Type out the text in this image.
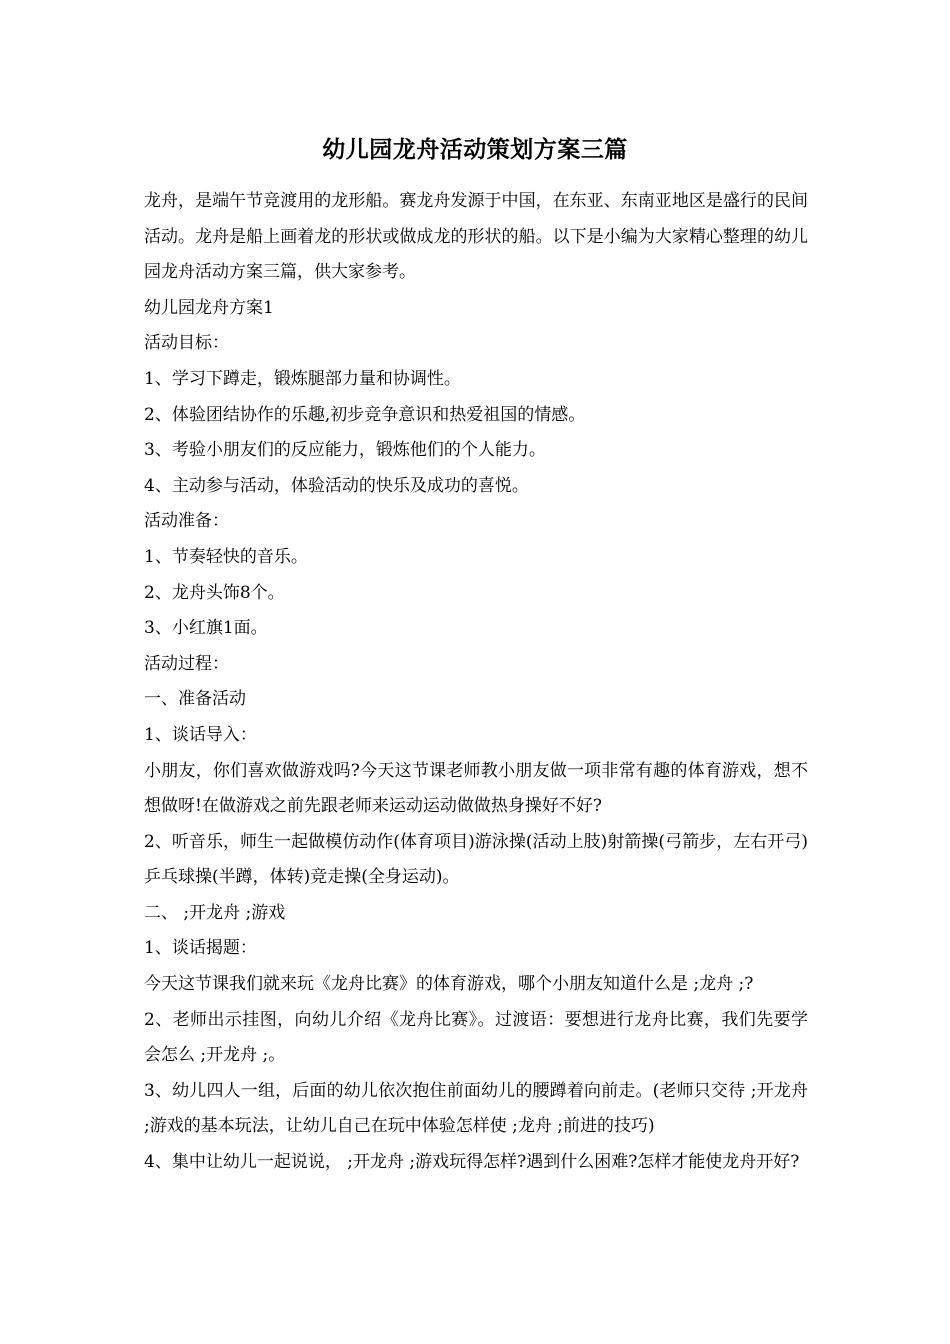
幼儿园龙舟活动策划方案三篇

龙舟，是端午节竞渡用的龙形船。赛龙舟发源于中国，在东亚、东南亚地区是盛行的民间活动。龙舟是船上画着龙的形状或做成龙的形状的船。以下是小编为大家精心整理的幼儿园龙舟活动方案三篇，供大家参考。

幼儿园龙舟方案1

活动目标：

1、学习下蹲走，锻炼腿部力量和协调性。

2、体验团结协作的乐趣,初步竞争意识和热爱祖国的情感。

3、考验小朋友们的反应能力，锻炼他们的个人能力。

4、主动参与活动，体验活动的快乐及成功的喜悦。

活动准备：

1、节奏轻快的音乐。

2、龙舟头饰8个。

3、小红旗1面。

活动过程：

一、准备活动

1、谈话导入：

小朋友，你们喜欢做游戏吗?今天这节课老师教小朋友做一项非常有趣的体育游戏，想不想做呀!在做游戏之前先跟老师来运动运动做做热身操好不好?

2、听音乐，师生一起做模仿动作(体育项目)游泳操(活动上肢)射箭操(弓箭步，左右开弓)乒乓球操(半蹲，体转)竞走操(全身运动)。

二、 ;开龙舟 ;游戏

1、谈话揭题：

今天这节课我们就来玩《龙舟比赛》的体育游戏，哪个小朋友知道什么是 ;龙舟 ;?

2、老师出示挂图，向幼儿介绍《龙舟比赛》。过渡语：要想进行龙舟比赛，我们先要学会怎么 ;开龙舟 ;。

3、幼儿四人一组，后面的幼儿依次抱住前面幼儿的腰蹲着向前走。(老师只交待 ;开龙舟 ;游戏的基本玩法，让幼儿自己在玩中体验怎样使 ;龙舟 ;前进的技巧)

4、集中让幼儿一起说说， ;开龙舟 ;游戏玩得怎样?遇到什么困难?怎样才能使龙舟开好?
